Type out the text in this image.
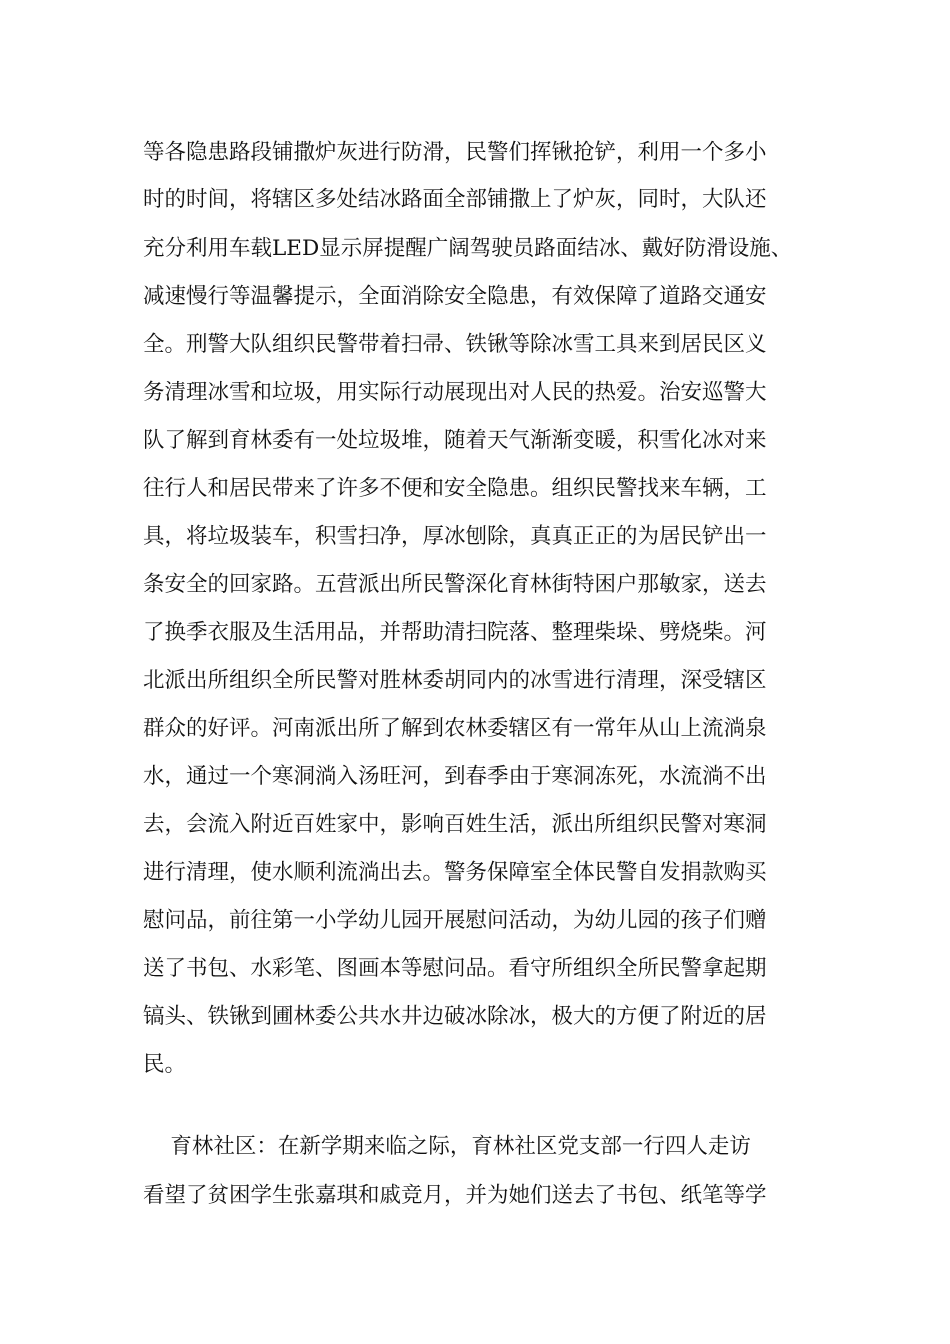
等各隐患路段铺撒炉灰进行防滑，民警们挥锹抢铲，利用一个多小

时的时间，将辖区多处结冰路面全部铺撒上了炉灰，同时，大队还

充分利用车载LED显示屏提醒广阔驾驶员路面结冰、戴好防滑设施、

减速慢行等温馨提示，全面消除安全隐患，有效保障了道路交通安

全。刑警大队组织民警带着扫帚、铁锹等除冰雪工具来到居民区义

务清理冰雪和垃圾，用实际行动展现出对人民的热爱。治安巡警大

队了解到育林委有一处垃圾堆，随着天气渐渐变暖，积雪化冰对来

往行人和居民带来了许多不便和安全隐患。组织民警找来车辆，工

具，将垃圾装车，积雪扫净，厚冰刨除，真真正正的为居民铲出一

条安全的回家路。五营派出所民警深化育林街特困户那敏家，送去

了换季衣服及生活用品，并帮助清扫院落、整理柴垛、劈烧柴。河

北派出所组织全所民警对胜林委胡同内的冰雪进行清理，深受辖区

群众的好评。河南派出所了解到农林委辖区有一常年从山上流淌泉

水，通过一个寒洞淌入汤旺河，到春季由于寒洞冻死，水流淌不出

去，会流入附近百姓家中，影响百姓生活，派出所组织民警对寒洞

进行清理，使水顺利流淌出去。警务保障室全体民警自发捐款购买

慰问品，前往第一小学幼儿园开展慰问活动，为幼儿园的孩子们赠

送了书包、水彩笔、图画本等慰问品。看守所组织全所民警拿起期

镐头、铁锹到圃林委公共水井边破冰除冰，极大的方便了附近的居

民。

育林社区：在新学期来临之际，育林社区党支部一行四人走访

看望了贫困学生张嘉琪和戚竞月，并为她们送去了书包、纸笔等学
